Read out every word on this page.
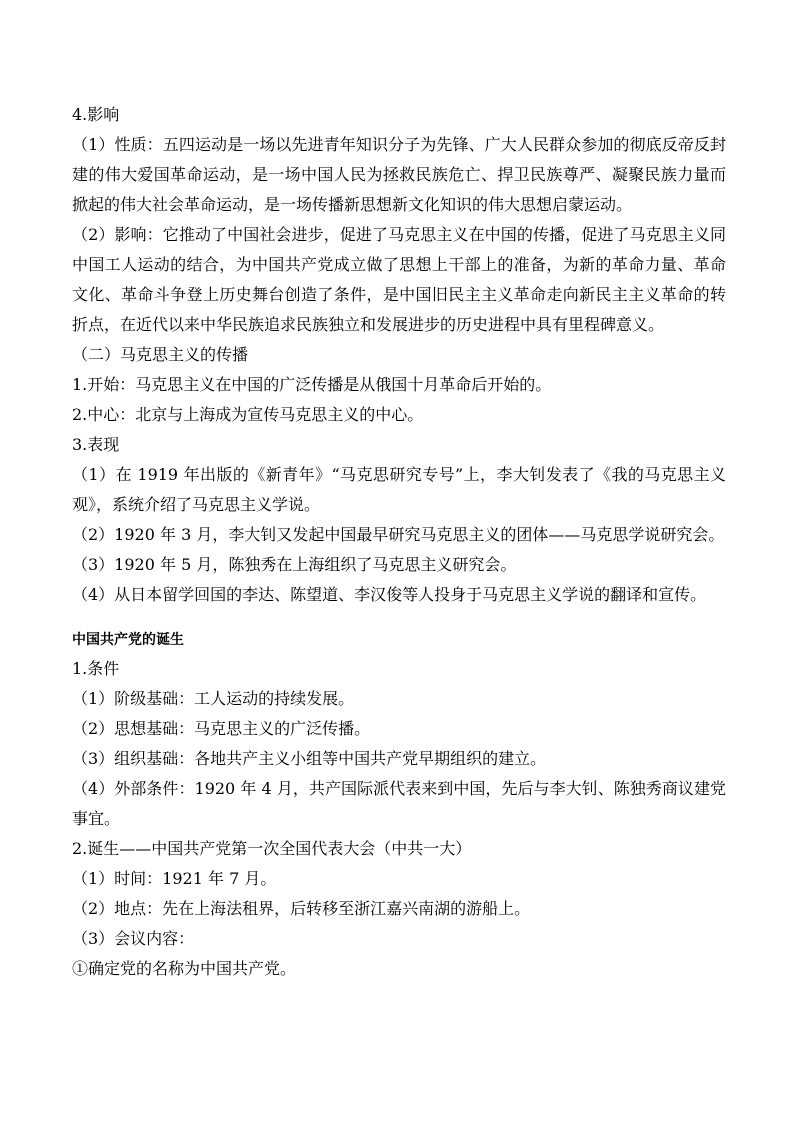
4.影响

（1）性质：五四运动是一场以先进青年知识分子为先锋、广大人民群众参加的彻底反帝反封建的伟大爱国革命运动，是一场中国人民为拯救民族危亡、捍卫民族尊严、凝聚民族力量而掀起的伟大社会革命运动，是一场传播新思想新文化知识的伟大思想启蒙运动。

（2）影响：它推动了中国社会进步，促进了马克思主义在中国的传播，促进了马克思主义同中国工人运动的结合，为中国共产党成立做了思想上干部上的准备，为新的革命力量、革命文化、革命斗争登上历史舞台创造了条件，是中国旧民主主义革命走向新民主主义革命的转折点，在近代以来中华民族追求民族独立和发展进步的历史进程中具有里程碑意义。

（二）马克思主义的传播

1.开始：马克思主义在中国的广泛传播是从俄国十月革命后开始的。

2.中心：北京与上海成为宣传马克思主义的中心。

3.表现

（1）在 1919 年出版的《新青年》“马克思研究专号”上，李大钊发表了《我的马克思主义观》，系统介绍了马克思主义学说。

（2）1920 年 3 月，李大钊又发起中国最早研究马克思主义的团体——马克思学说研究会。

（3）1920 年 5 月，陈独秀在上海组织了马克思主义研究会。

（4）从日本留学回国的李达、陈望道、李汉俊等人投身于马克思主义学说的翻译和宣传。

中国共产党的诞生

1.条件

（1）阶级基础：工人运动的持续发展。

（2）思想基础：马克思主义的广泛传播。

（3）组织基础：各地共产主义小组等中国共产党早期组织的建立。

（4）外部条件：1920 年 4 月，共产国际派代表来到中国，先后与李大钊、陈独秀商议建党事宜。

2.诞生——中国共产党第一次全国代表大会（中共一大）

（1）时间：1921 年 7 月。

（2）地点：先在上海法租界，后转移至浙江嘉兴南湖的游船上。

（3）会议内容：

①确定党的名称为中国共产党。
